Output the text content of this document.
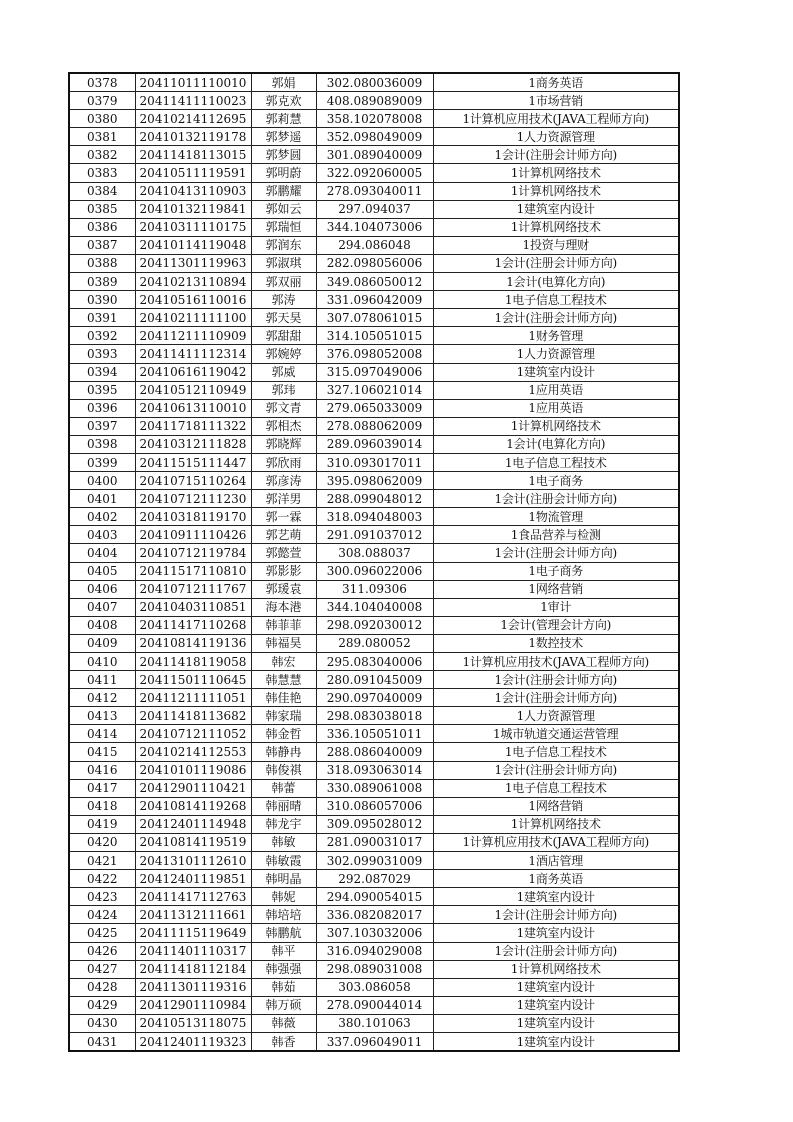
0378	20411011110010	郭娟	302.080036009	1商务英语
0379	20411411110023	郭克欢	408.089089009	1市场营销
0380	20410214112695	郭莉慧	358.102078008	1计算机应用技术(JAVA工程师方向)
0381	20410132119178	郭梦遥	352.098049009	1人力资源管理
0382	20411418113015	郭梦圆	301.089040009	1会计(注册会计师方向)
0383	20410511119591	郭明蔚	322.092060005	1计算机网络技术
0384	20410413110903	郭鹏耀	278.093040011	1计算机网络技术
0385	20410132119841	郭如云	297.094037	1建筑室内设计
0386	20410311110175	郭瑞恒	344.104073006	1计算机网络技术
0387	20410114119048	郭润东	294.086048	1投资与理财
0388	20411301119963	郭淑琪	282.098056006	1会计(注册会计师方向)
0389	20410213110894	郭双丽	349.086050012	1会计(电算化方向)
0390	20410516110016	郭涛	331.096042009	1电子信息工程技术
0391	20410211111100	郭天昊	307.078061015	1会计(注册会计师方向)
0392	20411211110909	郭甜甜	314.105051015	1财务管理
0393	20411411112314	郭婉婷	376.098052008	1人力资源管理
0394	20410616119042	郭威	315.097049006	1建筑室内设计
0395	20410512110949	郭玮	327.106021014	1应用英语
0396	20410613110010	郭文青	279.065033009	1应用英语
0397	20411718111322	郭相杰	278.088062009	1计算机网络技术
0398	20410312111828	郭晓辉	289.096039014	1会计(电算化方向)
0399	20411515111447	郭欣雨	310.093017011	1电子信息工程技术
0400	20410715110264	郭彦涛	395.098062009	1电子商务
0401	20410712111230	郭洋男	288.099048012	1会计(注册会计师方向)
0402	20410318119170	郭一霖	318.094048003	1物流管理
0403	20410911110426	郭艺萌	291.091037012	1食品营养与检测
0404	20410712119784	郭懿萱	308.088037	1会计(注册会计师方向)
0405	20411517110810	郭影影	300.096022006	1电子商务
0406	20410712111767	郭瑗袁	311.09306	1网络营销
0407	20410403110851	海本港	344.104040008	1审计
0408	20411417110268	韩菲菲	298.092030012	1会计(管理会计方向)
0409	20410814119136	韩福昊	289.080052	1数控技术
0410	20411418119058	韩宏	295.083040006	1计算机应用技术(JAVA工程师方向)
0411	20411501110645	韩慧慧	280.091045009	1会计(注册会计师方向)
0412	20411211111051	韩佳艳	290.097040009	1会计(注册会计师方向)
0413	20411418113682	韩家瑞	298.083038018	1人力资源管理
0414	20410712111052	韩金哲	336.105051011	1城市轨道交通运营管理
0415	20410214112553	韩静冉	288.086040009	1电子信息工程技术
0416	20410101119086	韩俊祺	318.093063014	1会计(注册会计师方向)
0417	20412901110421	韩蕾	330.089061008	1电子信息工程技术
0418	20410814119268	韩丽晴	310.086057006	1网络营销
0419	20412401114948	韩龙宇	309.095028012	1计算机网络技术
0420	20410814119519	韩敏	281.090031017	1计算机应用技术(JAVA工程师方向)
0421	20413101112610	韩敏霞	302.099031009	1酒店管理
0422	20412401119851	韩明晶	292.087029	1商务英语
0423	20411417112763	韩妮	294.090054015	1建筑室内设计
0424	20411312111661	韩培培	336.082082017	1会计(注册会计师方向)
0425	20411115119649	韩鹏航	307.103032006	1建筑室内设计
0426	20411401110317	韩平	316.094029008	1会计(注册会计师方向)
0427	20411418112184	韩强强	298.089031008	1计算机网络技术
0428	20411301119316	韩茹	303.086058	1建筑室内设计
0429	20412901110984	韩万硕	278.090044014	1建筑室内设计
0430	20410513118075	韩薇	380.101063	1建筑室内设计
0431	20412401119323	韩香	337.096049011	1建筑室内设计
